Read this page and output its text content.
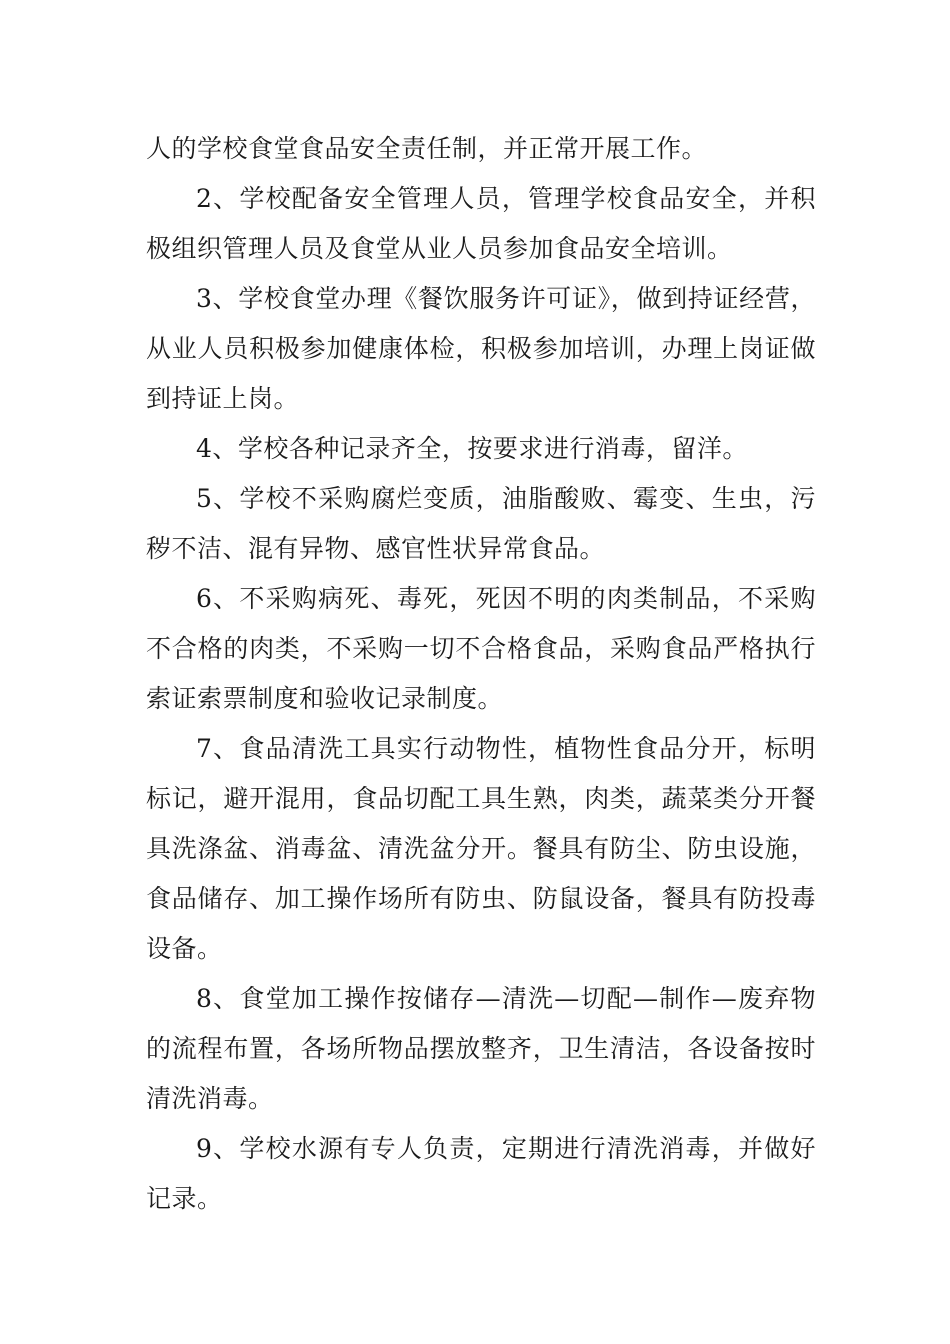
人的学校食堂食品安全责任制，并正常开展工作。

2、学校配备安全管理人员，管理学校食品安全，并积极组织管理人员及食堂从业人员参加食品安全培训。

3、学校食堂办理《餐饮服务许可证》，做到持证经营，从业人员积极参加健康体检，积极参加培训，办理上岗证做到持证上岗。

4、学校各种记录齐全，按要求进行消毒，留洋。

5、学校不采购腐烂变质，油脂酸败、霉变、生虫，污秽不洁、混有异物、感官性状异常食品。

6、不采购病死、毒死，死因不明的肉类制品，不采购不合格的肉类，不采购一切不合格食品，采购食品严格执行索证索票制度和验收记录制度。

7、食品清洗工具实行动物性，植物性食品分开，标明标记，避开混用，食品切配工具生熟，肉类，蔬菜类分开餐具洗涤盆、消毒盆、清洗盆分开。餐具有防尘、防虫设施，食品储存、加工操作场所有防虫、防鼠设备，餐具有防投毒设备。

8、食堂加工操作按储存—清洗—切配—制作—废弃物的流程布置，各场所物品摆放整齐，卫生清洁，各设备按时清洗消毒。

9、学校水源有专人负责，定期进行清洗消毒，并做好记录。
